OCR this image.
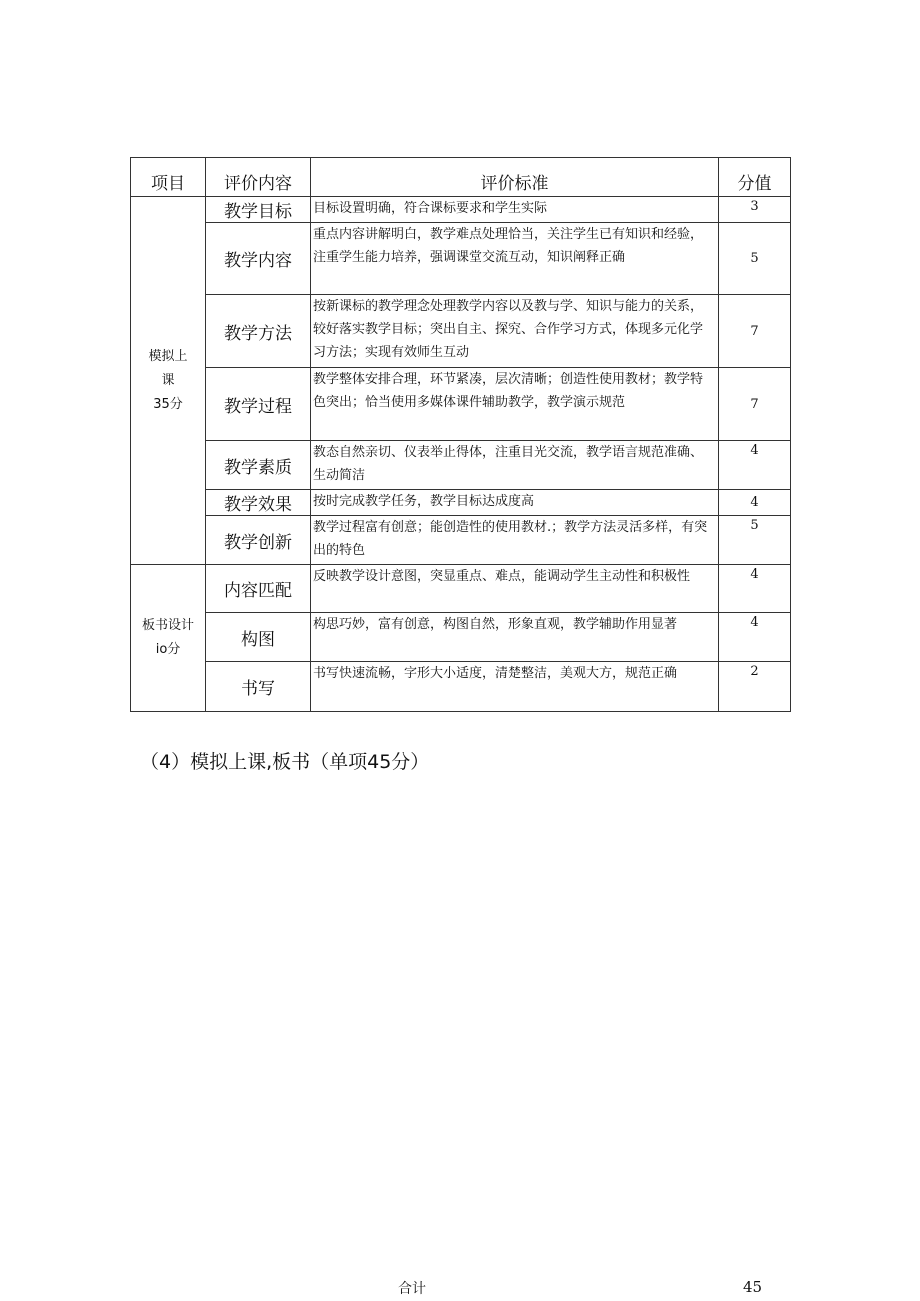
项目	评价内容	评价标准	分值

模拟上
课
35分	教学目标	目标设置明确，符合课标要求和学生实际	3
	教学内容	重点内容讲解明白，教学难点处理恰当，关注学生已有知识和经验，注重学生能力培养，强调课堂交流互动，知识阐释正确	5
	教学方法	按新课标的教学理念处理教学内容以及教与学、知识与能力的关系，较好落实教学目标；突出自主、探究、合作学习方式，体现多元化学习方法；实现有效师生互动	7
	教学过程	教学整体安排合理，环节紧凑，层次清晰；创造性使用教材；教学特色突出；恰当使用多媒体课件辅助教学，教学演示规范	7
	教学素质	教态自然亲切、仪表举止得体，注重目光交流，教学语言规范准确、生动简洁	4
	教学效果	按时完成教学任务，教学目标达成度高	4
	教学创新	教学过程富有创意；能创造性的使用教材.；教学方法灵活多样，有突出的特色	5

板书设计
io分	内容匹配	反映教学设计意图，突显重点、难点，能调动学生主动性和积极性	4
	构图	构思巧妙，富有创意，构图自然，形象直观，教学辅助作用显著	4
	书写	书写快速流畅，字形大小适度，清楚整洁，美观大方，规范正确	2
（4）模拟上课,板书（单项45分）
合计	45
